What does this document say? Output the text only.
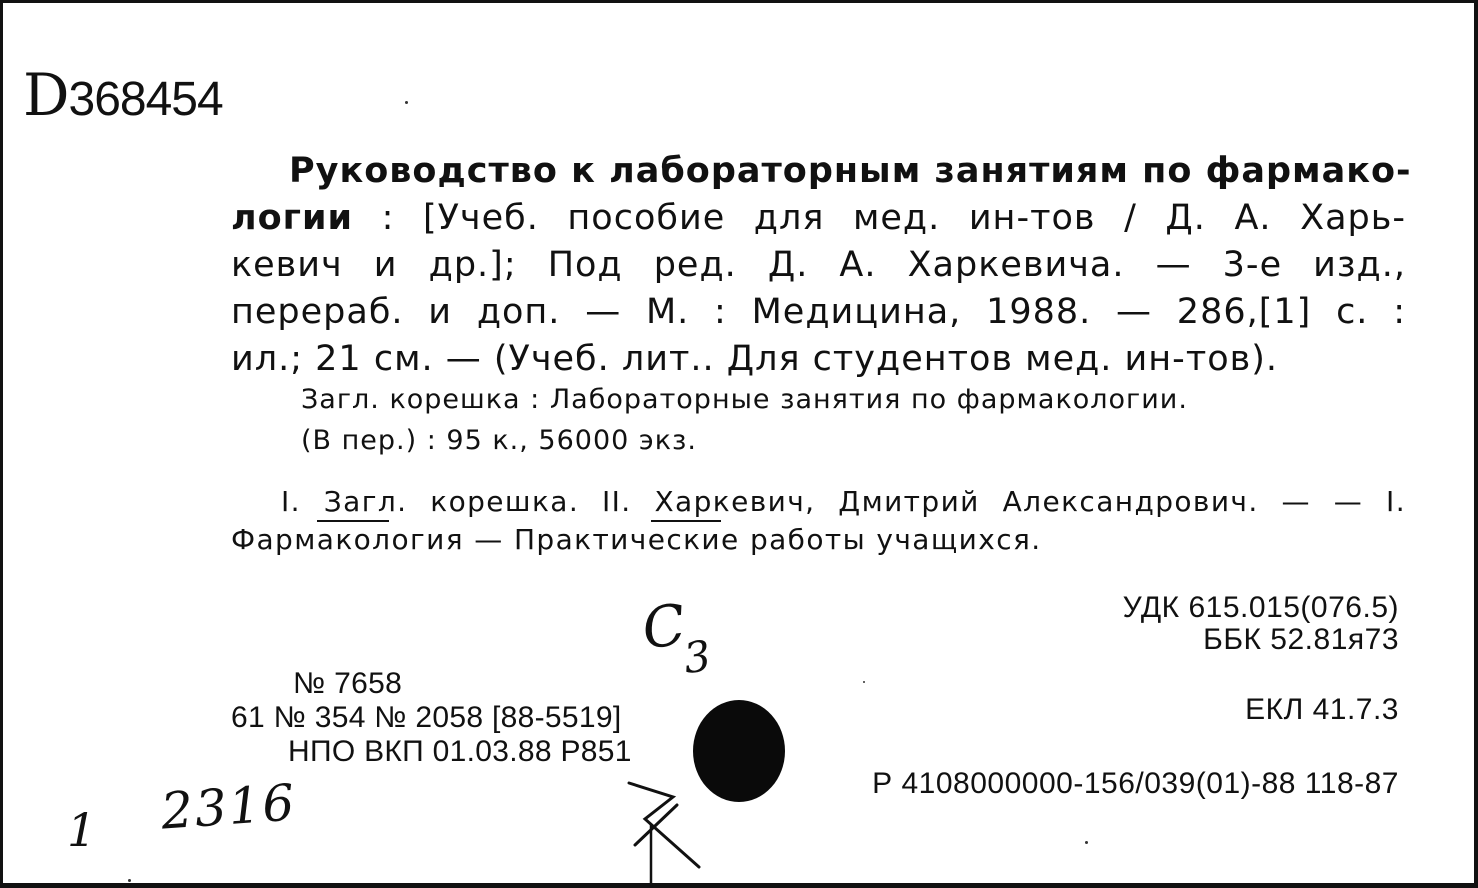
D368454
Руководство к лабораторным занятиям по фармако-
логии : [Учеб. пособие для мед. ин-тов / Д. А. Харь-
кевич и др.]; Под ред. Д. А. Харкевича. — 3-е изд.,
перераб. и доп. — М. : Медицина, 1988. — 286,[1] с. :
ил.; 21 см. — (Учеб. лит.. Для студентов мед. ин-тов).
Загл. корешка : Лабораторные занятия по фармакологии.
(В пер.) : 95 к., 56000 экз.
I. Загл. корешка. II. Харкевич, Дмитрий Александрович. — — I.
Фармакология — Практические работы учащихся.
УДК 615.015(076.5)
ББК 52.81я73
ЕКЛ 41.7.3
Р 4108000000-156/039(01)-88 118-87
№ 7658
61 № 354 № 2058 [88-5519]
НПО ВКП 01.03.88 Р851
$С_3$
1 2316
